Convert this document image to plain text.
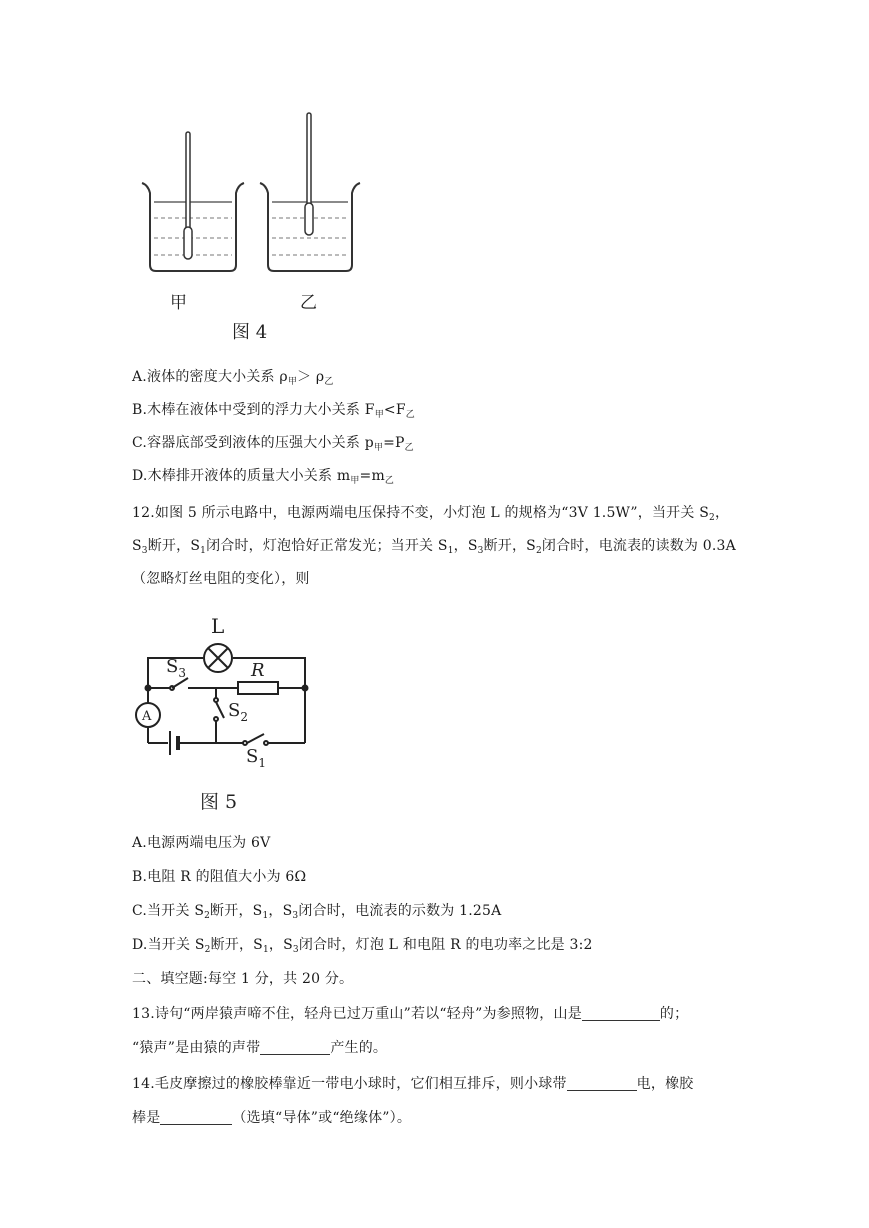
甲	乙
图 4
A.液体的密度大小关系 $\rho_甲> \rho_乙$
B.木棒在液体中受到的浮力大小关系 $F_甲<F_乙$
C.容器底部受到液体的压强大小关系 $p_甲=P_乙$
D.木棒排开液体的质量大小关系 $m_甲=m_乙$
12.如图 5 所示电路中，电源两端电压保持不变，小灯泡 L 的规格为“3V 1.5W”，当开关 $S_2$，
$S_3$断开，$S_1$闭合时，灯泡恰好正常发光；当开关 $S_1$，$S_3$断开，$S_2$闭合时，电流表的读数为 0.3A
（忽略灯丝电阻的变化），则
A
L
R
$S_3$
$S_2$
$S_1$
图 5
A.电源两端电压为 6V
B.电阻 R 的阻值大小为 6Ω
C.当开关 $S_2$断开，$S_1$，$S_3$闭合时，电流表的示数为 1.25A
D.当开关 $S_2$断开，$S_1$，$S_3$闭合时，灯泡 L 和电阻 R 的电功率之比是 3:2
二、填空题:每空 1 分，共 20 分。
13.诗句“两岸猿声啼不住，轻舟已过万重山”若以“轻舟”为参照物，山是	的；
“猿声”是由猿的声带	产生的。
14.毛皮摩擦过的橡胶棒靠近一带电小球时，它们相互排斥，则小球带	电，橡胶
棒是	（选填“导体”或“绝缘体”）。
